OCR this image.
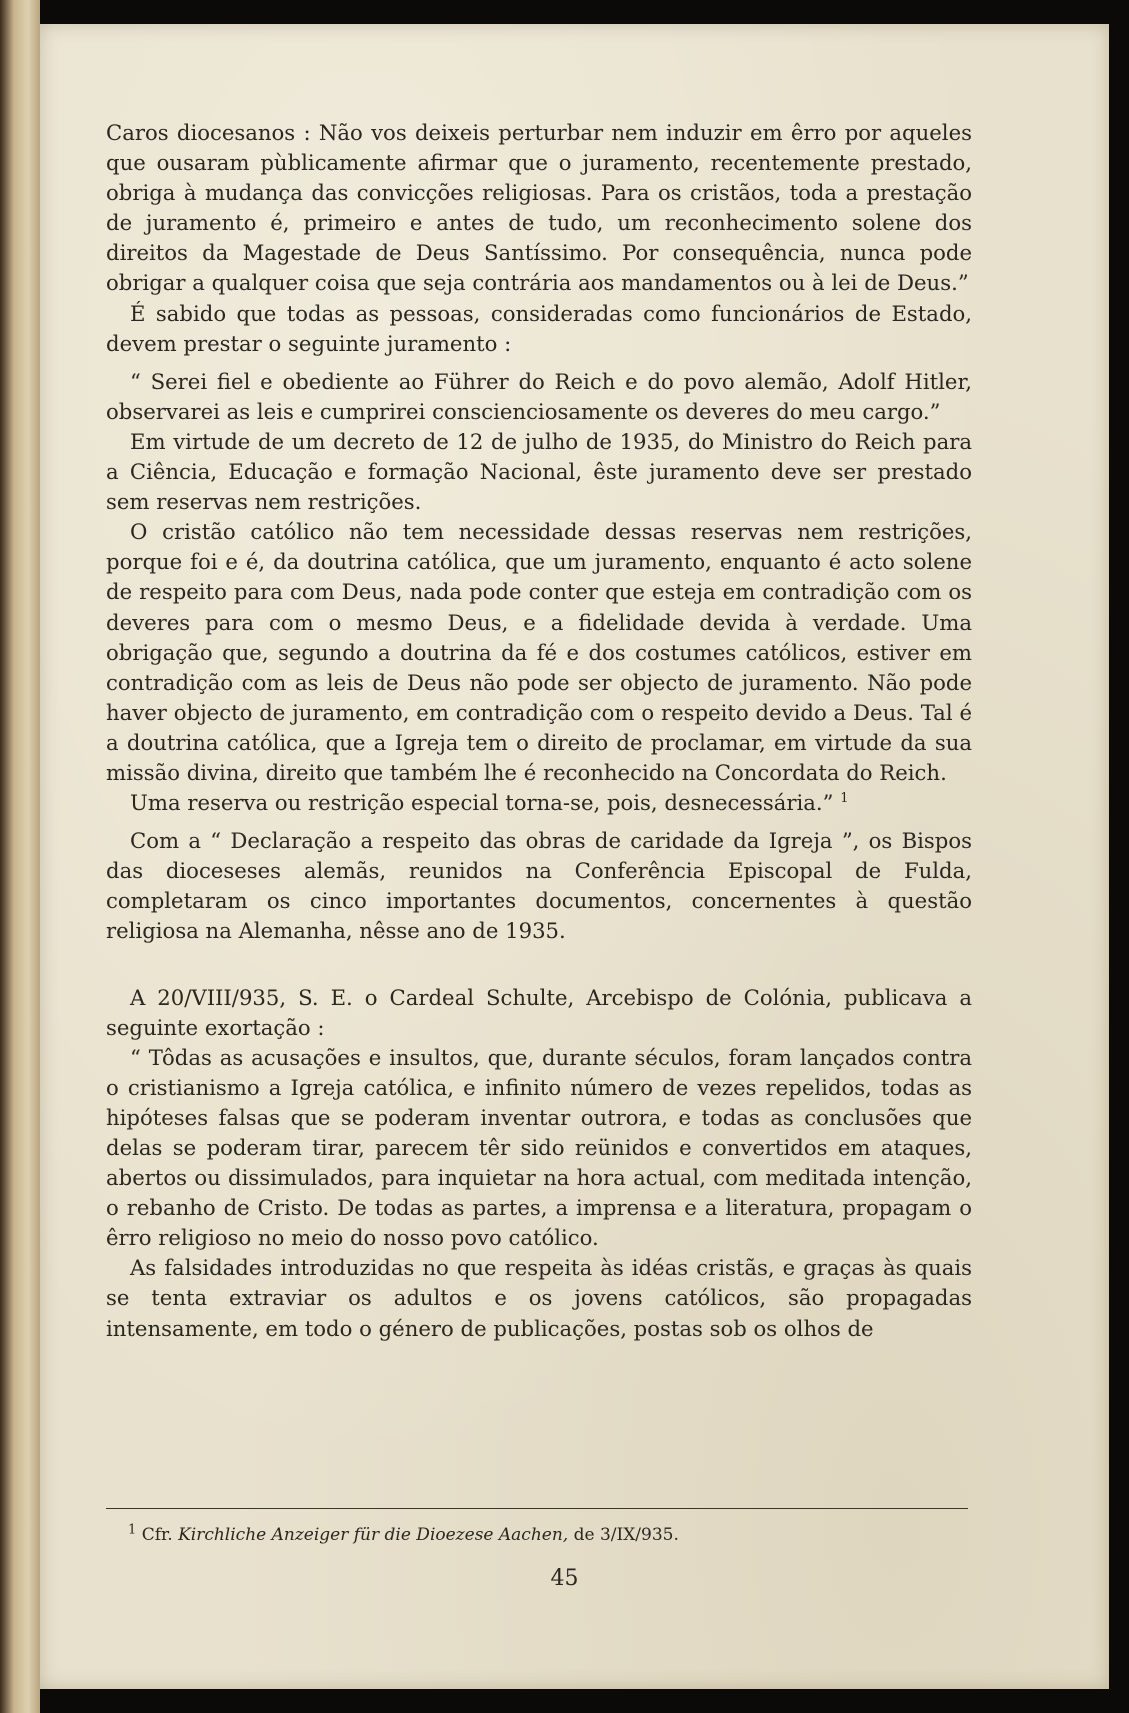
Caros diocesanos : Não vos deixeis perturbar nem induzir em êrro por aqueles que ousaram pùblicamente afirmar que o juramento, recentemente prestado, obriga à mudança das convicções religiosas. Para os cristãos, toda a prestação de juramento é, primeiro e antes de tudo, um reconhecimento solene dos direitos da Magestade de Deus Santíssimo. Por consequência, nunca pode obrigar a qualquer coisa que seja contrária aos mandamentos ou à lei de Deus.”

É sabido que todas as pessoas, consideradas como funcionários de Estado, devem prestar o seguinte juramento :

“ Serei fiel e obediente ao Führer do Reich e do povo alemão, Adolf Hitler, observarei as leis e cumprirei conscienciosamente os deveres do meu cargo.”

Em virtude de um decreto de 12 de julho de 1935, do Ministro do Reich para a Ciência, Educação e formação Nacional, êste juramento deve ser prestado sem reservas nem restrições.

O cristão católico não tem necessidade dessas reservas nem restrições, porque foi e é, da doutrina católica, que um juramento, enquanto é acto solene de respeito para com Deus, nada pode conter que esteja em contradição com os deveres para com o mesmo Deus, e a fidelidade devida à verdade. Uma obrigação que, segundo a doutrina da fé e dos costumes católicos, estiver em contradição com as leis de Deus não pode ser objecto de juramento. Não pode haver objecto de juramento, em contradição com o respeito devido a Deus. Tal é a doutrina católica, que a Igreja tem o direito de proclamar, em virtude da sua missão divina, direito que também lhe é reconhecido na Concordata do Reich.

Uma reserva ou restrição especial torna-se, pois, desnecessária.” $^1$

Com a “ Declaração a respeito das obras de caridade da Igreja ”, os Bispos das dioceseses alemãs, reunidos na Conferência Episcopal de Fulda, completaram os cinco importantes documentos, concernentes à questão religiosa na Alemanha, nêsse ano de 1935.

A 20/VIII/935, S. E. o Cardeal Schulte, Arcebispo de Colónia, publicava a seguinte exortação :

“ Tôdas as acusações e insultos, que, durante séculos, foram lançados contra o cristianismo a Igreja católica, e infinito número de vezes repelidos, todas as hipóteses falsas que se poderam inventar outrora, e todas as conclusões que delas se poderam tirar, parecem têr sido reünidos e convertidos em ataques, abertos ou dissimulados, para inquietar na hora actual, com meditada intenção, o rebanho de Cristo. De todas as partes, a imprensa e a literatura, propagam o êrro religioso no meio do nosso povo católico.

As falsidades introduzidas no que respeita às idéas cristãs, e graças às quais se tenta extraviar os adultos e os jovens católicos, são propagadas intensamente, em todo o género de publicações, postas sob os olhos de

$^1$ Cfr. Kirchliche Anzeiger für die Dioezese Aachen, de 3/IX/935.
45
